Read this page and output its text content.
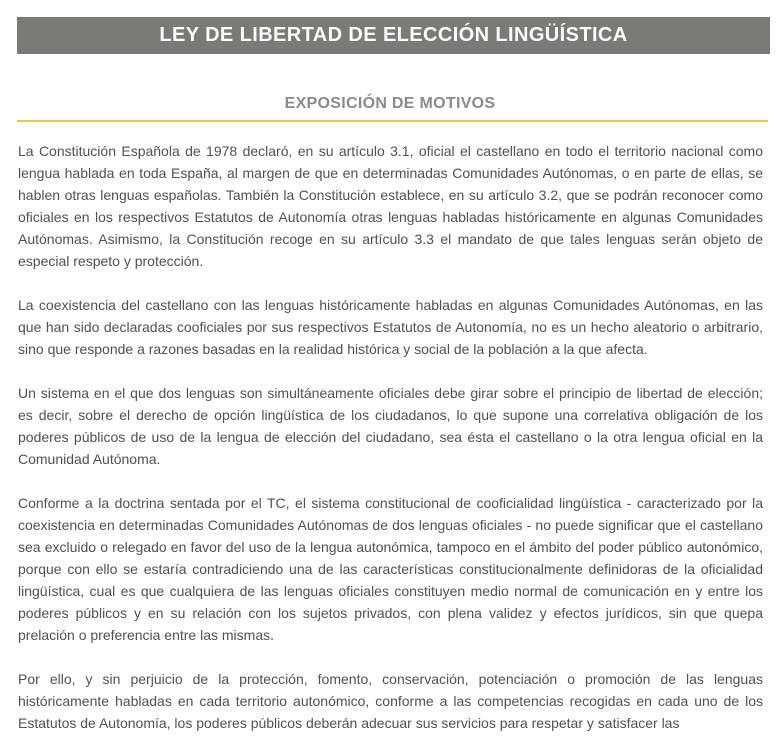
LEY DE LIBERTAD DE ELECCIÓN LINGÜÍSTICA
EXPOSICIÓN DE MOTIVOS

La Constitución Española de 1978 declaró, en su artículo 3.1, oficial el castellano en todo el territorio nacional como lengua hablada en toda España, al margen de que en determinadas Comunidades Autónomas, o en parte de ellas, se hablen otras lenguas españolas. También la Constitución establece, en su artículo 3.2, que se podrán reconocer como oficiales en los respectivos Estatutos de Autonomía otras lenguas habladas históricamente en algunas Comunidades Autónomas. Asimismo, la Constitución recoge en su artículo 3.3 el mandato de que tales lenguas serán objeto de especial respeto y protección.

La coexistencia del castellano con las lenguas históricamente habladas en algunas Comunidades Autónomas, en las que han sido declaradas cooficiales por sus respectivos Estatutos de Autonomía, no es un hecho aleatorio o arbitrario, sino que responde a razones basadas en la realidad histórica y social de la población a la que afecta.

Un sistema en el que dos lenguas son simultáneamente oficiales debe girar sobre el principio de libertad de elección; es decir, sobre el derecho de opción lingüística de los ciudadanos, lo que supone una correlativa obligación de los poderes públicos de uso de la lengua de elección del ciudadano, sea ésta el castellano o la otra lengua oficial en la Comunidad Autónoma.

Conforme a la doctrina sentada por el TC, el sistema constitucional de cooficialidad lingüística - caracterizado por la coexistencia en determinadas Comunidades Autónomas de dos lenguas oficiales - no puede significar que el castellano sea excluido o relegado en favor del uso de la lengua autonómica, tampoco en el ámbito del poder público autonómico, porque con ello se estaría contradiciendo una de las características constitucionalmente definidoras de la oficialidad lingüística, cual es que cualquiera de las lenguas oficiales constituyen medio normal de comunicación en y entre los poderes públicos y en su relación con los sujetos privados, con plena validez y efectos jurídicos, sin que quepa prelación o preferencia entre las mismas.

Por ello, y sin perjuicio de la protección, fomento, conservación, potenciación o promoción de las lenguas históricamente habladas en cada territorio autonómico, conforme a las competencias recogidas en cada uno de los Estatutos de Autonomía, los poderes públicos deberán adecuar sus servicios para respetar y satisfacer las
